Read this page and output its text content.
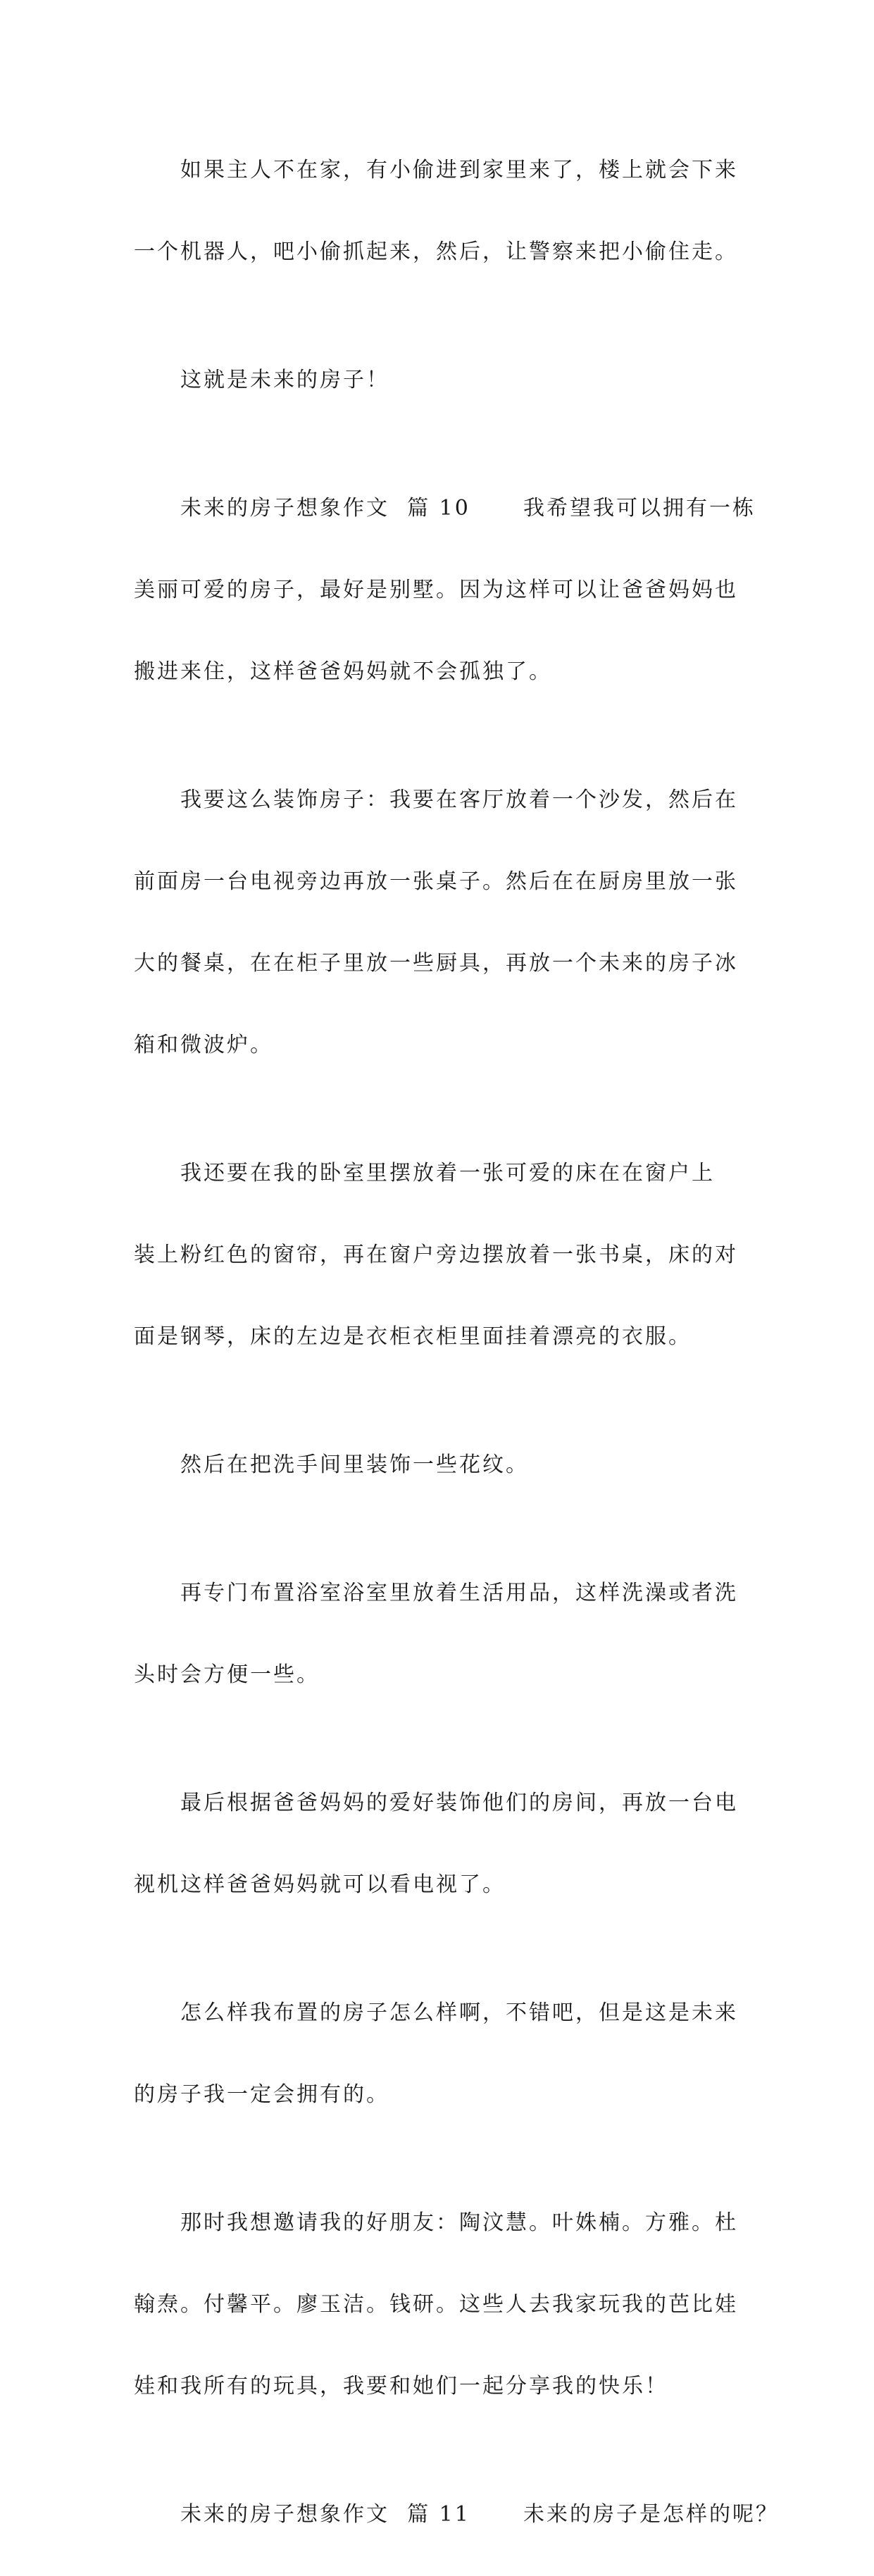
如果主人不在家，有小偷进到家里来了，楼上就会下来

一个机器人，吧小偷抓起来，然后，让警察来把小偷住走。

这就是未来的房子！

未来的房子想象作文  篇 10      我希望我可以拥有一栋

美丽可爱的房子，最好是别墅。因为这样可以让爸爸妈妈也

搬进来住，这样爸爸妈妈就不会孤独了。

我要这么装饰房子：我要在客厅放着一个沙发，然后在

前面房一台电视旁边再放一张桌子。然后在在厨房里放一张

大的餐桌，在在柜子里放一些厨具，再放一个未来的房子冰

箱和微波炉。

我还要在我的卧室里摆放着一张可爱的床在在窗户上

装上粉红色的窗帘，再在窗户旁边摆放着一张书桌，床的对

面是钢琴，床的左边是衣柜衣柜里面挂着漂亮的衣服。

然后在把洗手间里装饰一些花纹。

再专门布置浴室浴室里放着生活用品，这样洗澡或者洗

头时会方便一些。

最后根据爸爸妈妈的爱好装饰他们的房间，再放一台电

视机这样爸爸妈妈就可以看电视了。

怎么样我布置的房子怎么样啊，不错吧，但是这是未来

的房子我一定会拥有的。

那时我想邀请我的好朋友：陶汶慧。叶姝楠。方雅。杜

翰焘。付馨平。廖玉洁。钱研。这些人去我家玩我的芭比娃

娃和我所有的玩具，我要和她们一起分享我的快乐！

未来的房子想象作文  篇 11      未来的房子是怎样的呢？
